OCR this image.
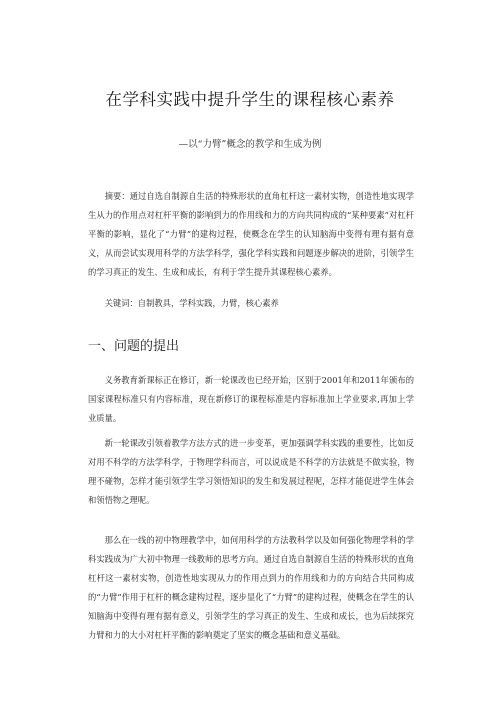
在学科实践中提升学生的课程核心素养
—以“力臂”概念的教学和生成为例
摘要：通过自选自制源自生活的特殊形状的直角杠杆这一素材实物，创造性地实现学生从力的作用点对杠杆平衡的影响到力的作用线和力的方向共同构成的“某种要素”对杠杆平衡的影响，显化了“力臂”的建构过程，使概念在学生的认知脑海中变得有理有据有意义，从而尝试实现用科学的方法学科学，强化学科实践和问题逐步解决的进阶，引领学生的学习真正的发生、生成和成长，有利于学生提升其课程核心素养。
关键词：自制教具，学科实践，力臂，核心素养
一、问题的提出
义务教育新课标正在修订，新一轮课改也已经开始，区别于2001年和2011年颁布的国家课程标准只有内容标准，现在新修订的课程标准是内容标准加上学业要求,再加上学业质量。
新一轮课改引领着教学方法方式的进一步变革，更加强调学科实践的重要性，比如反对用不科学的方法学科学，于物理学科而言，可以说成是不科学的方法就是不做实验，物理不碰物，怎样才能引领学生学习领悟知识的发生和发展过程呢，怎样才能促进学生体会和领悟物之理呢。
那么在一线的初中物理教学中，如何用科学的方法教科学以及如何强化物理学科的学科实践成为广大初中物理一线教师的思考方向。通过自选自制源自生活的特殊形状的直角杠杆这一素材实物，创造性地实现从力的作用点到力的作用线和力的方向结合共同构成的“力臂”作用于杠杆的概念建构过程，逐步显化了“力臂”的建构过程，使概念在学生的认知脑海中变得有理有据有意义，引领学生的学习真正的发生、生成和成长，也为后续探究力臂和力的大小对杠杆平衡的影响奠定了坚实的概念基础和意义基础。
